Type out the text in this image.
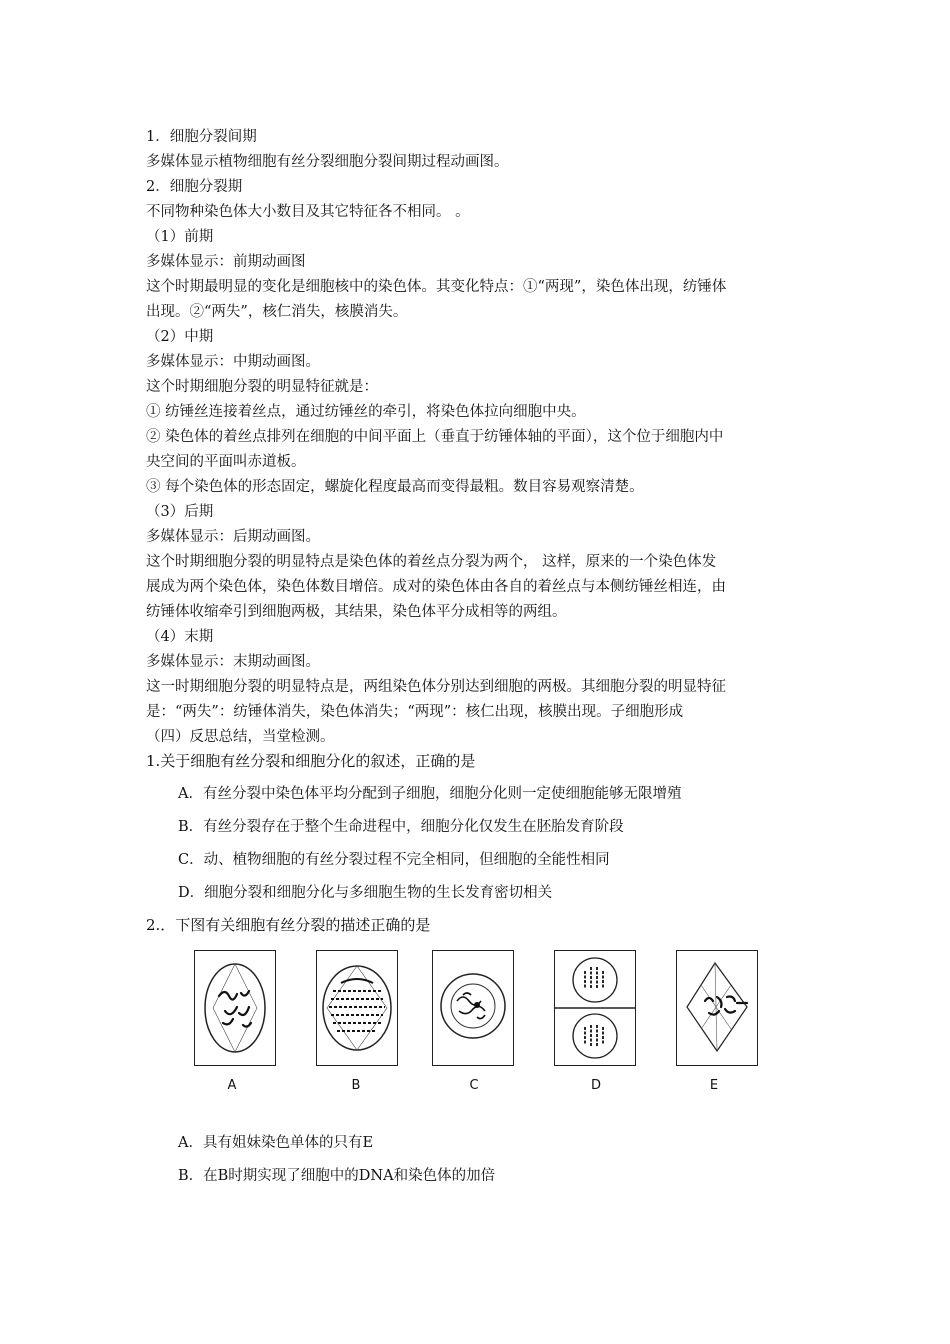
1．细胞分裂间期
多媒体显示植物细胞有丝分裂细胞分裂间期过程动画图。
2．细胞分裂期
不同物种染色体大小数目及其它特征各不相同。 。
（1）前期
多媒体显示：前期动画图
这个时期最明显的变化是细胞核中的染色体。其变化特点：①“两现”，染色体出现，纺锤体
出现。②“两失”，核仁消失，核膜消失。
（2）中期
多媒体显示：中期动画图。
这个时期细胞分裂的明显特征就是：
① 纺锤丝连接着丝点，通过纺锤丝的牵引，将染色体拉向细胞中央。
② 染色体的着丝点排列在细胞的中间平面上（垂直于纺锤体轴的平面），这个位于细胞内中
央空间的平面叫赤道板。
③ 每个染色体的形态固定，螺旋化程度最高而变得最粗。数目容易观察清楚。
（3）后期
多媒体显示：后期动画图。
这个时期细胞分裂的明显特点是染色体的着丝点分裂为两个， 这样，原来的一个染色体发
展成为两个染色体，染色体数目增倍。成对的染色体由各自的着丝点与本侧纺锤丝相连，由
纺锤体收缩牵引到细胞两极，其结果，染色体平分成相等的两组。
（4）末期
多媒体显示：末期动画图。
这一时期细胞分裂的明显特点是，两组染色体分别达到细胞的两极。其细胞分裂的明显特征
是：“两失”：纺锤体消失，染色体消失；“两现”：核仁出现，核膜出现。子细胞形成
（四）反思总结，当堂检测。
1.关于细胞有丝分裂和细胞分化的叙述，正确的是
A．有丝分裂中染色体平均分配到子细胞，细胞分化则一定使细胞能够无限增殖
B．有丝分裂存在于整个生命进程中，细胞分化仅发生在胚胎发育阶段
C．动、植物细胞的有丝分裂过程不完全相同，但细胞的全能性相同
D．细胞分裂和细胞分化与多细胞生物的生长发育密切相关
2.．下图有关细胞有丝分裂的描述正确的是
A	B	C	D	E
A．具有姐妹染色单体的只有E
B．在B时期实现了细胞中的DNA和染色体的加倍
